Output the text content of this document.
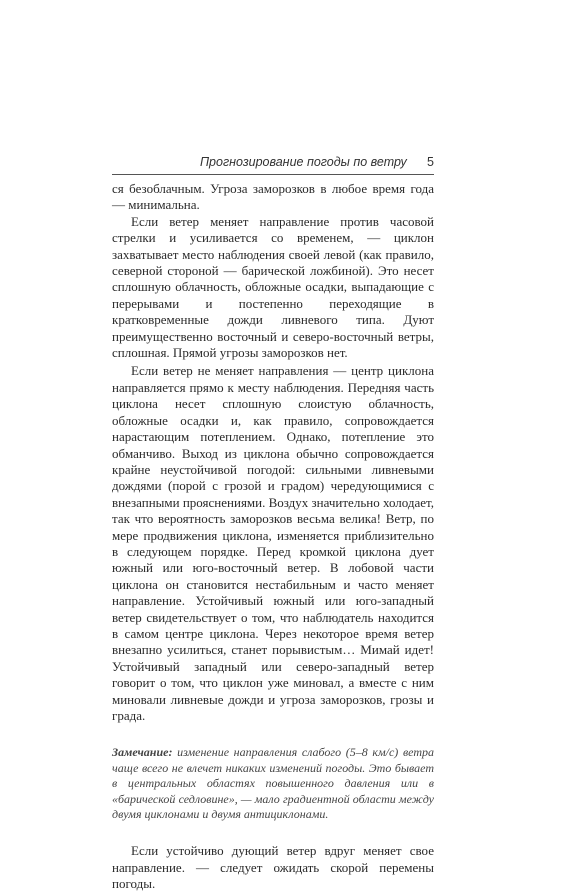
Прогнозирование погоды по ветру 5

ся безоблачным. Угроза заморозков в любое время года — минимальна.

Если ветер меняет направление против часовой стрелки и усиливается со временем, — циклон захватывает место наблюдения своей левой (как правило, северной стороной — барической ложбиной). Это несет сплошную облачность, обложные осадки, выпадающие с перерывами и постепенно переходящие в кратковременные дожди ливневого типа. Дуют преимущественно восточный и северо-восточный ветры, сплошная. Прямой угрозы заморозков нет.

Если ветер не меняет направления — центр циклона направляется прямо к месту наблюдения. Передняя часть циклона несет сплошную слоистую облачность, обложные осадки и, как правило, сопровождается нарастающим потеплением. Однако, потепление это обманчиво. Выход из циклона обычно сопровождается крайне неустойчивой погодой: сильными ливневыми дождями (порой с грозой и градом) чередующимися с внезапными прояснениями. Воздух значительно холодает, так что вероятность заморозков весьма велика! Ветр, по мере продвижения циклона, изменяется приблизительно в следующем порядке. Перед кромкой циклона дует южный или юго-восточный ветер. В лобовой части циклона он становится нестабильным и часто меняет направление. Устойчивый южный или юго-западный ветер свидетельствует о том, что наблюдатель находится в самом центре циклона. Через некоторое время ветер внезапно усилиться, станет порывистым… Мимай идет! Устойчивый западный или северо-западный ветер говорит о том, что циклон уже миновал, а вместе с ним миновали ливневые дожди и угроза заморозков, грозы и града.

Замечание: изменение направления слабого (5–8 км/с) ветра чаще всего не влечет никаких изменений погоды. Это бывает в центральных областях повышенного давления или в «барической седловине», — мало градиентной области между двумя циклонами и двумя антициклонами.

Если устойчиво дующий ветер вдруг меняет свое направление. — следует ожидать скорой перемены погоды.
